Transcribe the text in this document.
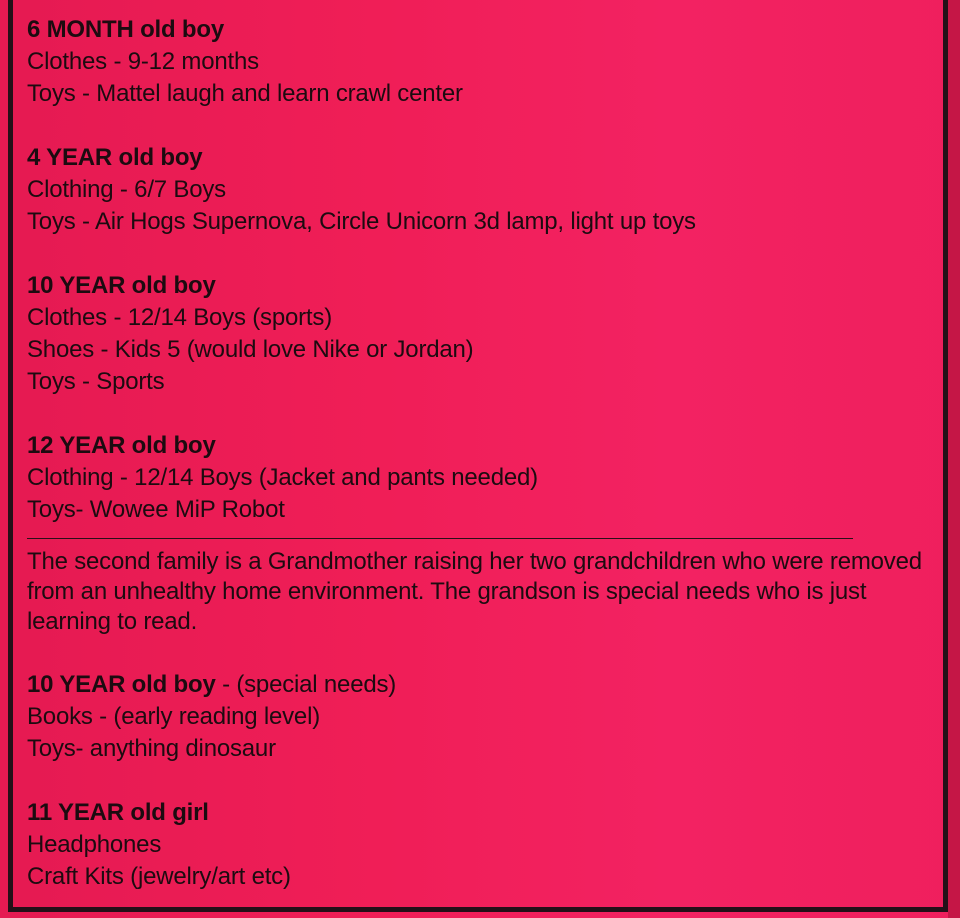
6 MONTH old boy
Clothes - 9-12 months
Toys - Mattel laugh and learn crawl center
4 YEAR old boy
Clothing - 6/7 Boys
Toys - Air Hogs Supernova, Circle Unicorn 3d lamp, light up toys
10 YEAR old boy
Clothes - 12/14 Boys (sports)
Shoes - Kids 5 (would love Nike or Jordan)
Toys - Sports
12 YEAR old boy
Clothing - 12/14 Boys (Jacket and pants needed)
Toys- Wowee MiP Robot
The second family is a Grandmother raising her two grandchildren who were removed
from an unhealthy home environment. The grandson is special needs who is just
learning to read.
10 YEAR old boy - (special needs)
Books - (early reading level)
Toys- anything dinosaur
11 YEAR old girl
Headphones
Craft Kits (jewelry/art etc)
